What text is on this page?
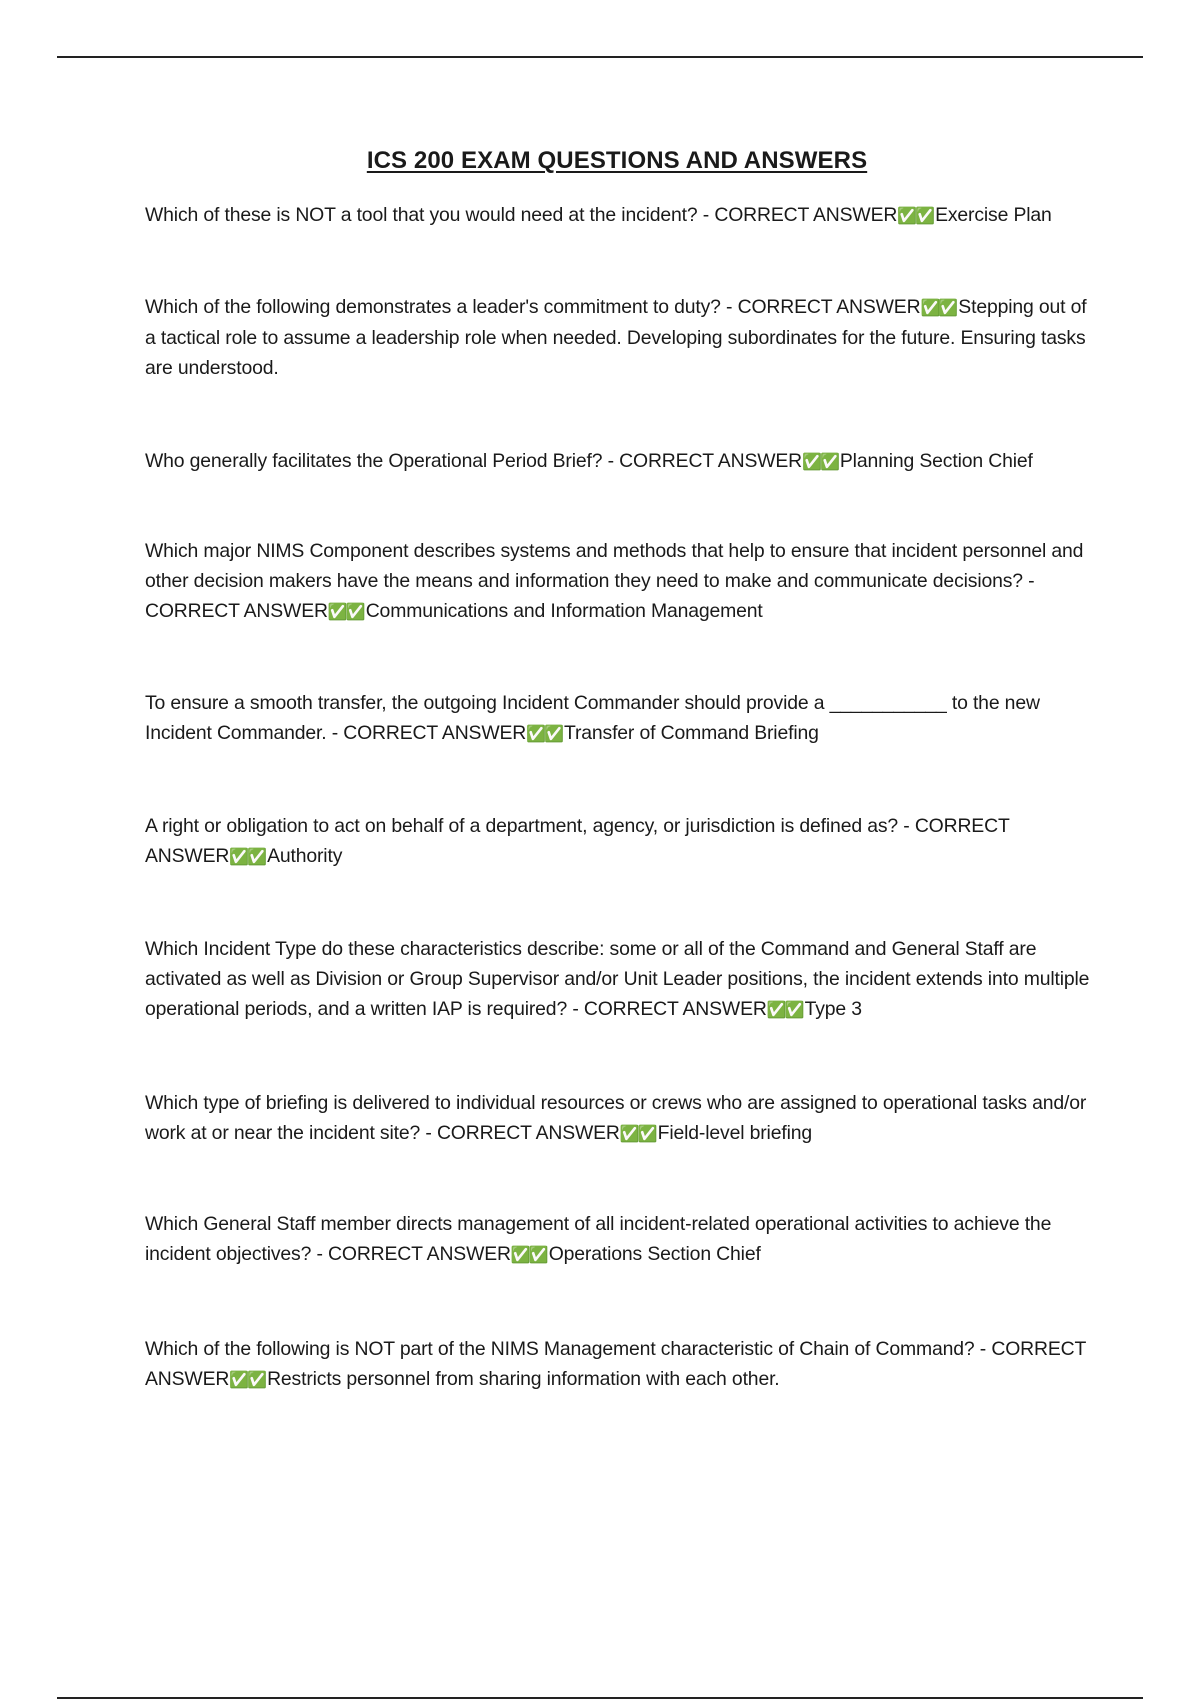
ICS 200 EXAM QUESTIONS AND ANSWERS

Which of these is NOT a tool that you would need at the incident? - CORRECT ANSWER✅✅ Exercise Plan

Which of the following demonstrates a leader's commitment to duty? - CORRECT ANSWER✅✅ Stepping out of a tactical role to assume a leadership role when needed. Developing subordinates for the future. Ensuring tasks are understood.

Who generally facilitates the Operational Period Brief? - CORRECT ANSWER✅✅ Planning Section Chief

Which major NIMS Component describes systems and methods that help to ensure that incident personnel and other decision makers have the means and information they need to make and communicate decisions? - CORRECT ANSWER✅✅ Communications and Information Management

To ensure a smooth transfer, the outgoing Incident Commander should provide a ___________ to the new Incident Commander. - CORRECT ANSWER✅✅ Transfer of Command Briefing

A right or obligation to act on behalf of a department, agency, or jurisdiction is defined as? - CORRECT ANSWER✅✅ Authority

Which Incident Type do these characteristics describe: some or all of the Command and General Staff are activated as well as Division or Group Supervisor and/or Unit Leader positions, the incident extends into multiple operational periods, and a written IAP is required? - CORRECT ANSWER✅✅ Type 3

Which type of briefing is delivered to individual resources or crews who are assigned to operational tasks and/or work at or near the incident site? - CORRECT ANSWER✅✅ Field-level briefing

Which General Staff member directs management of all incident-related operational activities to achieve the incident objectives? - CORRECT ANSWER✅✅ Operations Section Chief

Which of the following is NOT part of the NIMS Management characteristic of Chain of Command? - CORRECT ANSWER✅✅ Restricts personnel from sharing information with each other.
